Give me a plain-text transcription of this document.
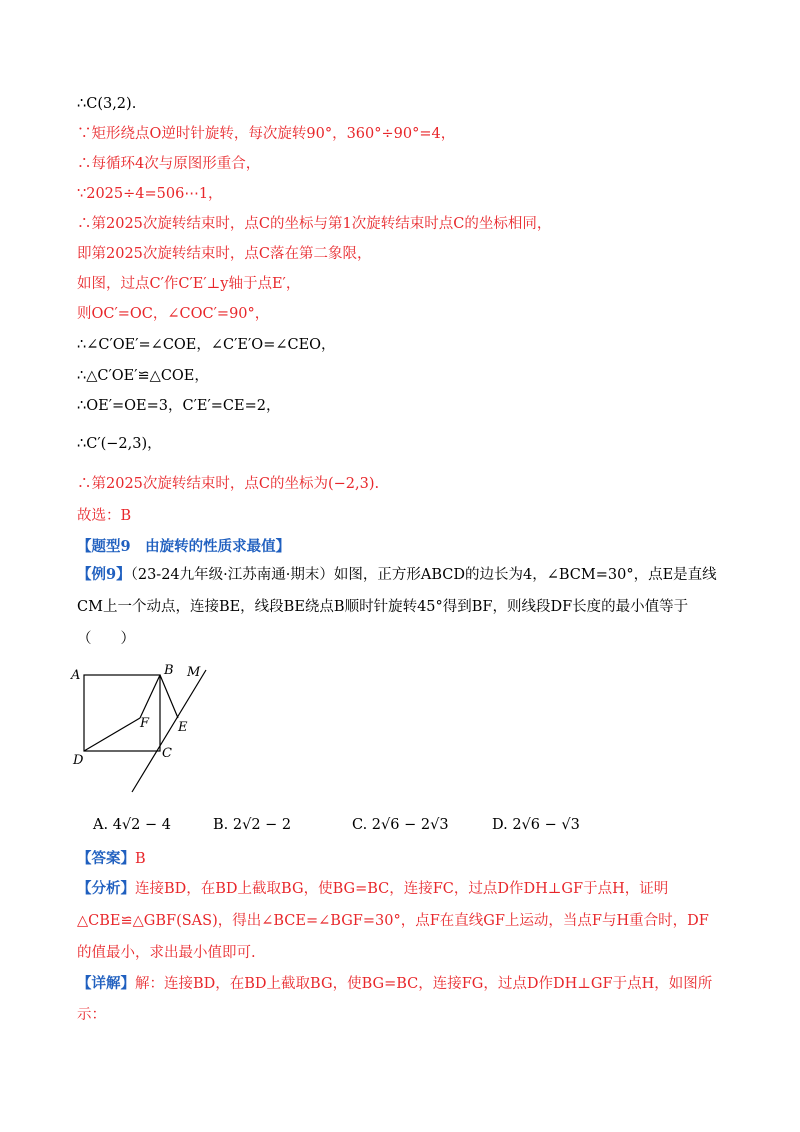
∴C(3,2).
∵矩形绕点O逆时针旋转，每次旋转90°，360°÷90°=4，
∴每循环4次与原图形重合，
∵2025÷4=506⋯1，
∴第2025次旋转结束时，点C的坐标与第1次旋转结束时点C的坐标相同，
即第2025次旋转结束时，点C落在第二象限，
如图，过点C′作C′E′⊥y轴于点E′，
则OC′=OC，∠COC′=90°，
∴∠C′OE′=∠COE，∠C′E′O=∠CEO，
∴△C′OE′≌△COE，
∴OE′=OE=3，C′E′=CE=2，
∴C′(−2,3)，
∴第2025次旋转结束时，点C的坐标为(−2,3).
故选：B
【题型9　由旋转的性质求最值】
【例9】（23-24九年级·江苏南通·期末）如图，正方形ABCD的边长为4，∠BCM=30°，点E是直线
CM上一个动点，连接BE，线段BE绕点B顺时针旋转45°得到BF，则线段DF长度的最小值等于
（　　）
A	B
C
D
E
F
M
A. 4√2 − 4	B. 2√2 − 2	C. 2√6 − 2√3	D. 2√6 − √3
【答案】B
【分析】连接BD，在BD上截取BG，使BG=BC，连接FC，过点D作DH⊥GF于点H，证明
△CBE≌△GBF(SAS)，得出∠BCE=∠BGF=30°，点F在直线GF上运动，当点F与H重合时，DF
的值最小，求出最小值即可.
【详解】解：连接BD，在BD上截取BG，使BG=BC，连接FG，过点D作DH⊥GF于点H，如图所
示：
